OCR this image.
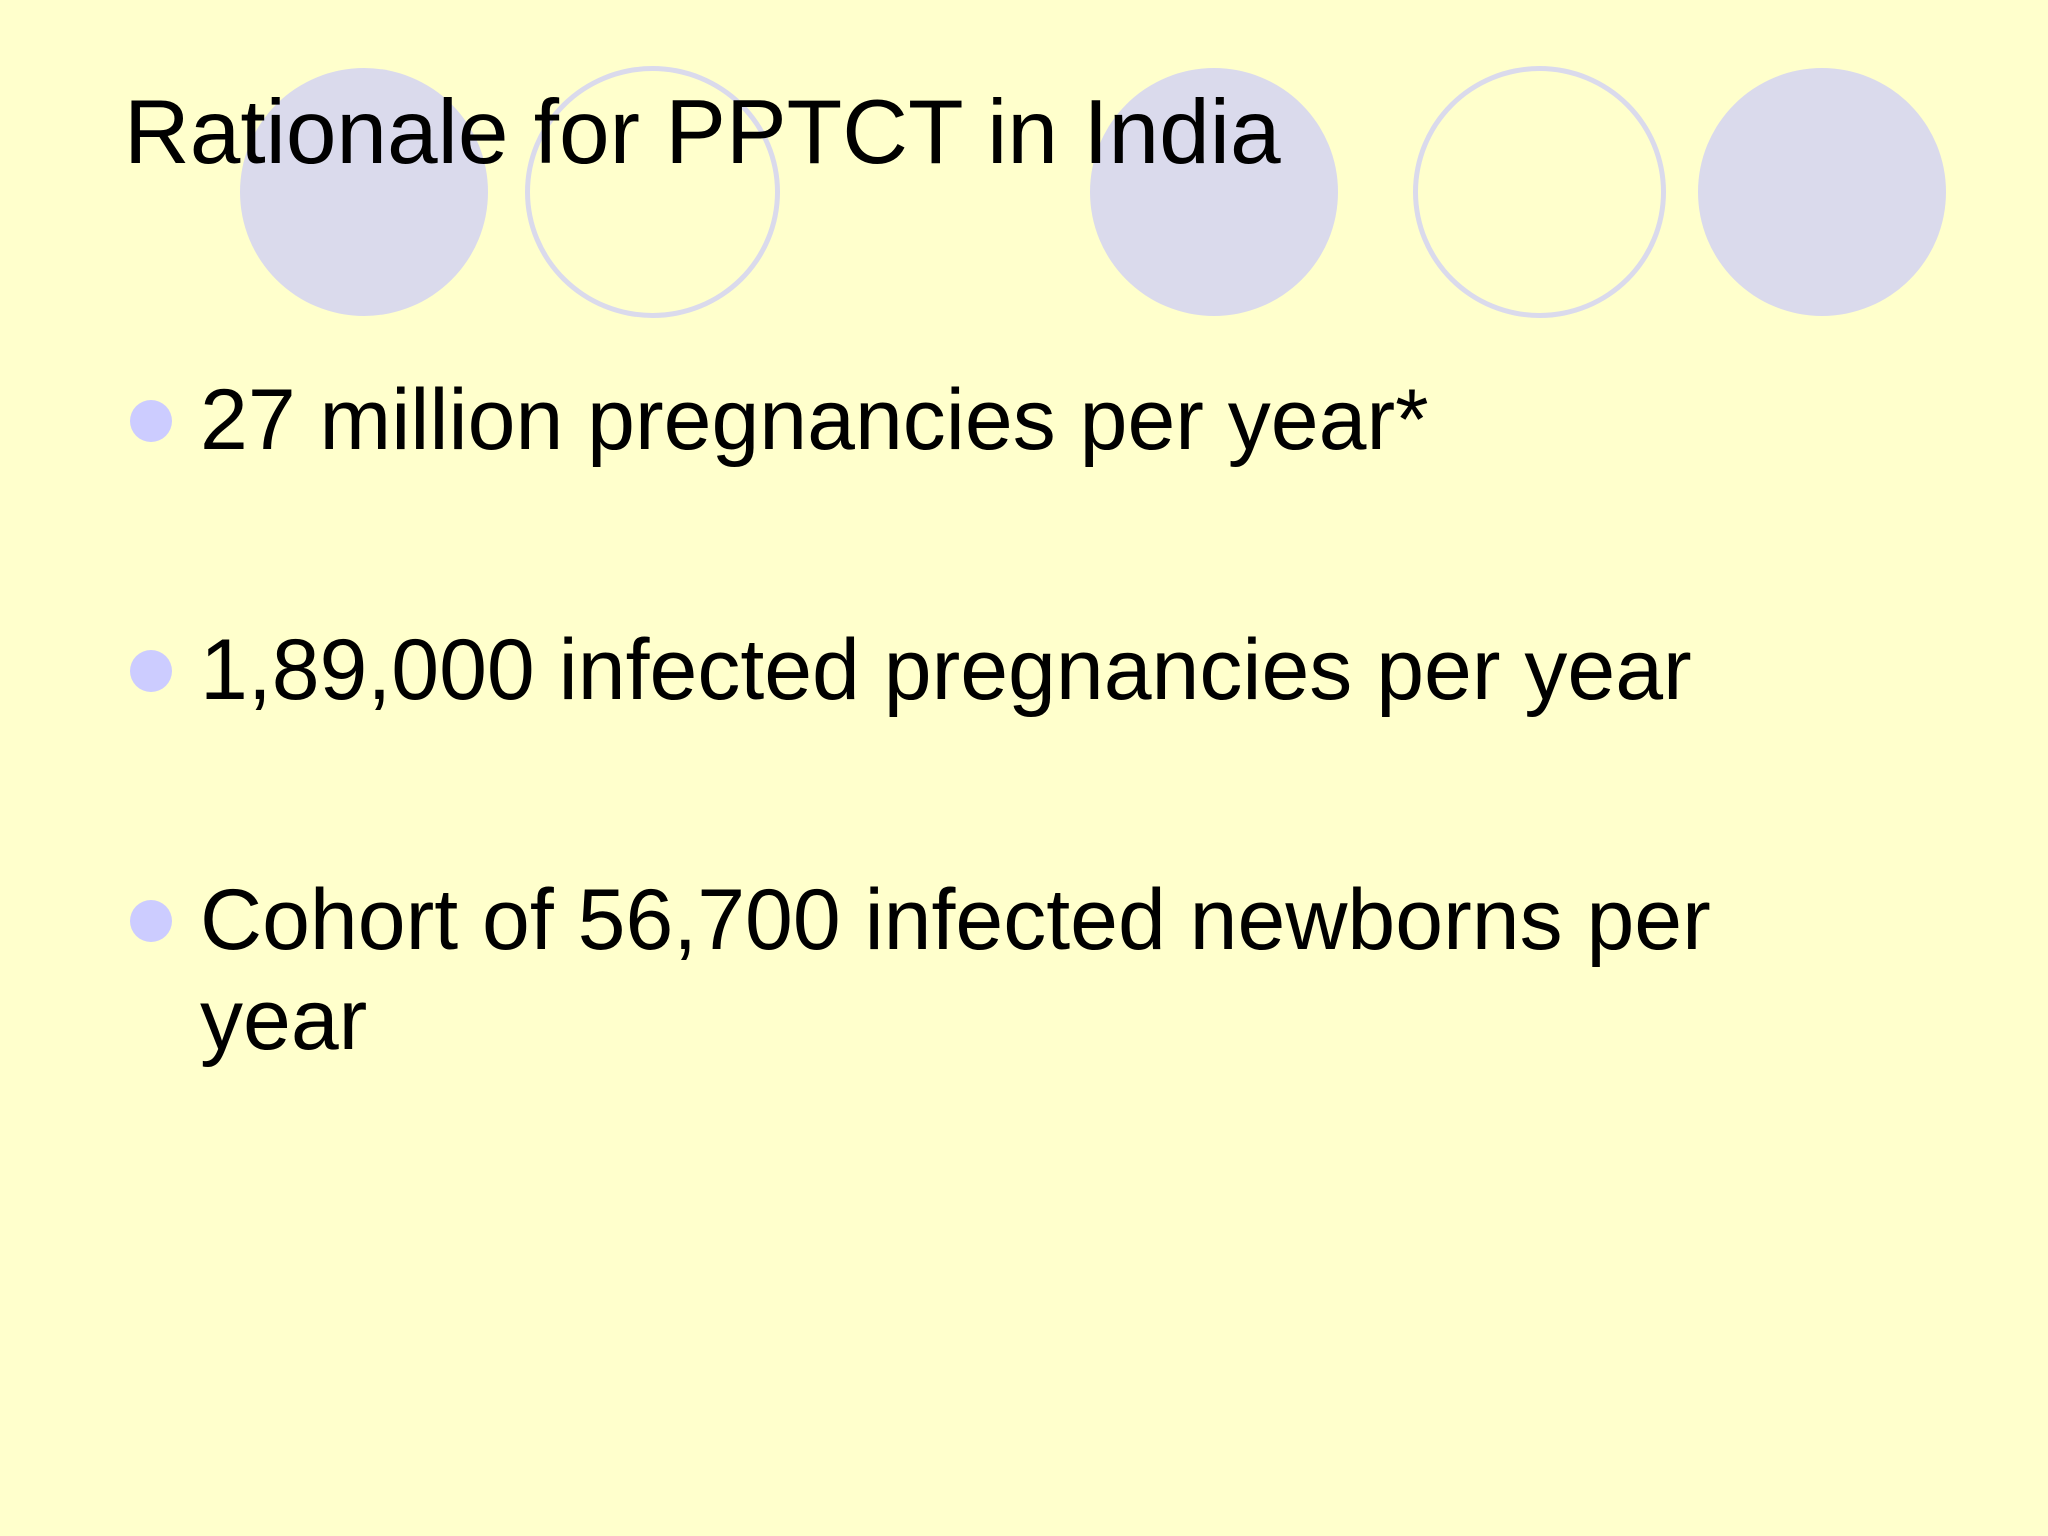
Rationale for PPTCT in India
27 million pregnancies per year*
1,89,000 infected pregnancies per year
Cohort of 56,700 infected newborns per year
